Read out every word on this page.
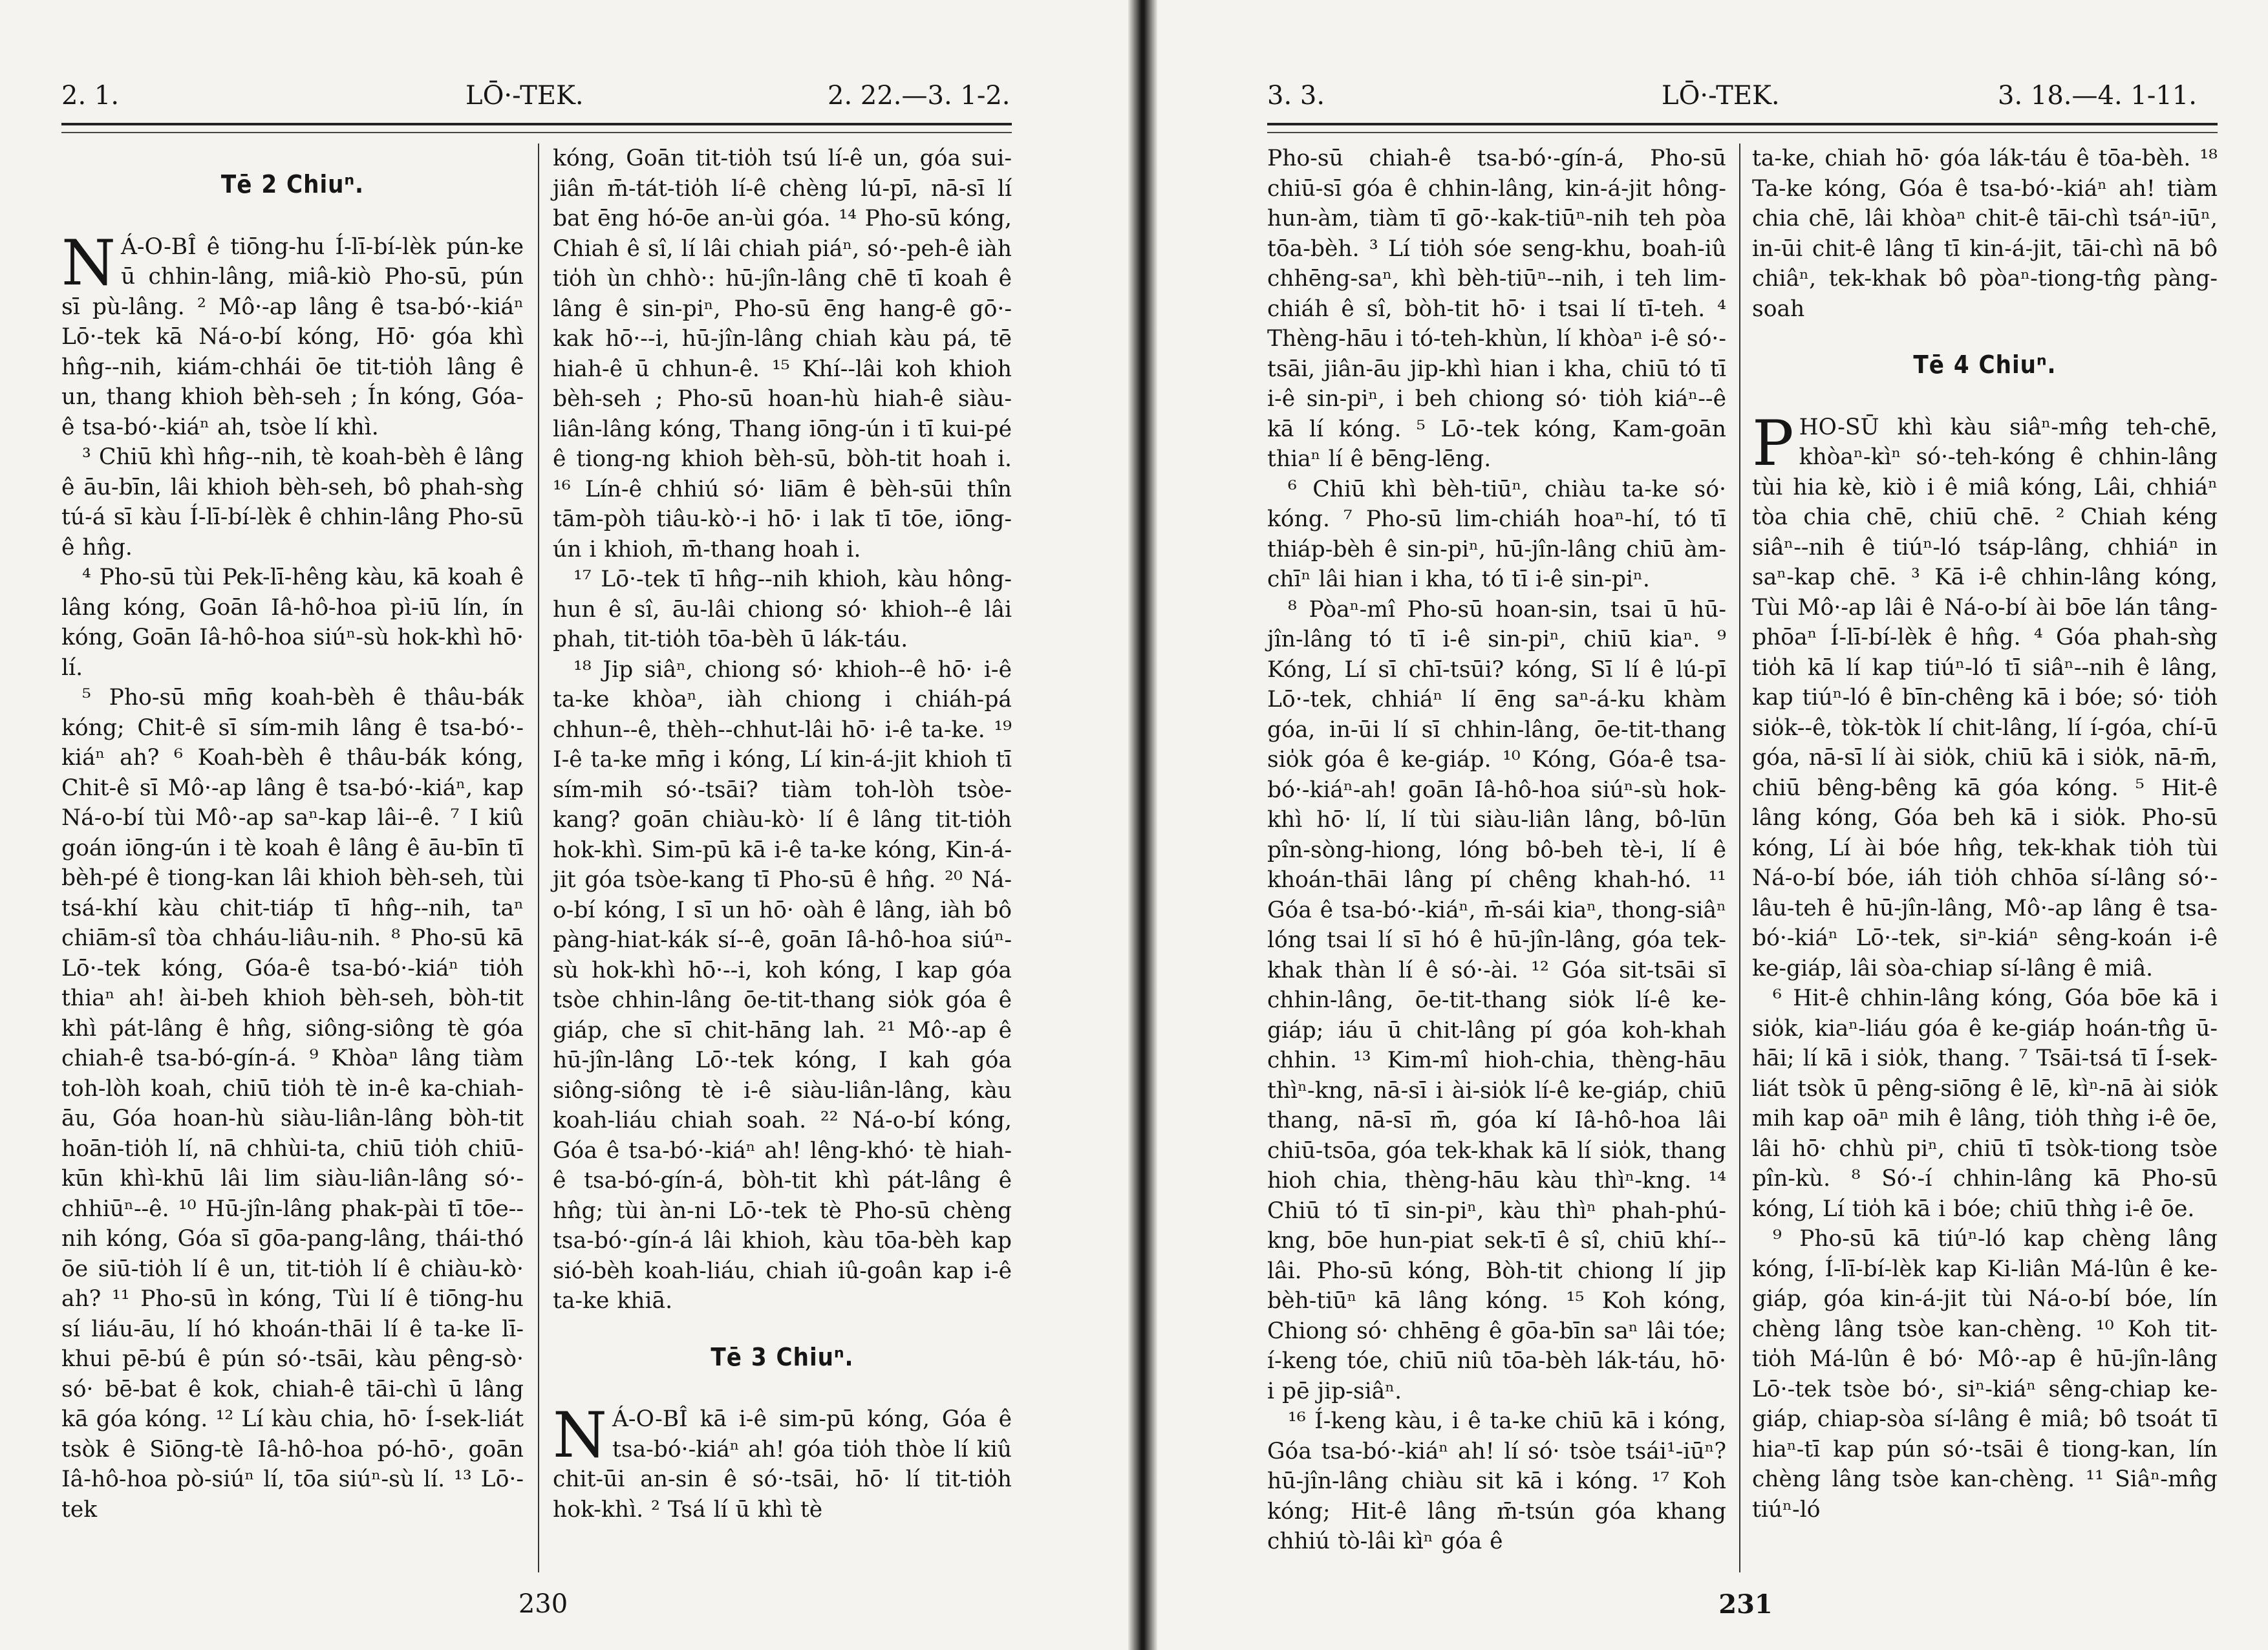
2. 1.	LŌ·-TEK.	2. 22.—3. 1-2.
Tē 2 Chiuⁿ.

N Á-O-BÎ ê tiōng-hu Í-lī-bí-lèk pún-ke ū chhin-lâng, miâ-kiò Pho-sū, pún sī pù-lâng. ² Mô·-ap lâng ê tsa-bó·-kiáⁿ Lō·-tek kā Ná-o-bí kóng, Hō· góa khì hn̂g--nih, kiám-chhái ōe tit-tio̍h lâng ê un, thang khioh bèh-seh ; Ín kóng, Góa-ê tsa-bó·-kiáⁿ ah, tsòe lí khì.

³ Chiū khì hn̂g--nih, tè koah-bèh ê lâng ê āu-bīn, lâi khioh bèh-seh, bô phah-sǹg tú-á sī kàu Í-lī-bí-lèk ê chhin-lâng Pho-sū ê hn̂g.

⁴ Pho-sū tùi Pek-lī-hêng kàu, kā koah ê lâng kóng, Goān Iâ-hô-hoa pì-iū lín, ín kóng, Goān Iâ-hô-hoa siúⁿ-sù hok-khì hō· lí.

⁵ Pho-sū mn̄g koah-bèh ê thâu-bák kóng; Chit-ê sī sím-mih lâng ê tsa-bó·-kiáⁿ ah? ⁶ Koah-bèh ê thâu-bák kóng, Chit-ê sī Mô·-ap lâng ê tsa-bó·-kiáⁿ, kap Ná-o-bí tùi Mô·-ap saⁿ-kap lâi--ê. ⁷ I kiû goán iōng-ún i tè koah ê lâng ê āu-bīn tī bèh-pé ê tiong-kan lâi khioh bèh-seh, tùi tsá-khí kàu chit-tiáp tī hn̂g--nih, taⁿ chiām-sî tòa chháu-liâu-nih. ⁸ Pho-sū kā Lō·-tek kóng, Góa-ê tsa-bó·-kiáⁿ tio̍h thiaⁿ ah! ài-beh khioh bèh-seh, bòh-tit khì pát-lâng ê hn̂g, siông-siông tè góa chiah-ê tsa-bó-gín-á. ⁹ Khòaⁿ lâng tiàm toh-lòh koah, chiū tio̍h tè in-ê ka-chiah-āu, Góa hoan-hù siàu-liân-lâng bòh-tit hoān-tio̍h lí, nā chhùi-ta, chiū tio̍h chiū-kūn khì-khū lâi lim siàu-liân-lâng só·-chhiūⁿ--ê. ¹⁰ Hū-jîn-lâng phak-pài tī tōe--nih kóng, Góa sī gōa-pang-lâng, thái-thó ōe siū-tio̍h lí ê un, tit-tio̍h lí ê chiàu-kò· ah? ¹¹ Pho-sū ìn kóng, Tùi lí ê tiōng-hu sí liáu-āu, lí hó khoán-thāi lí ê ta-ke lī-khui pē-bú ê pún só·-tsāi, kàu pêng-sò· só· bē-bat ê kok, chiah-ê tāi-chì ū lâng kā góa kóng. ¹² Lí kàu chia, hō· Í-sek-liát tsòk ê Siōng-tè Iâ-hô-hoa pó-hō·, goān Iâ-hô-hoa pò-siúⁿ lí, tōa siúⁿ-sù lí. ¹³ Lō·-tek

kóng, Goān tit-tio̍h tsú lí-ê un, góa sui-jiân m̄-tát-tio̍h lí-ê chèng lú-pī, nā-sī lí bat ēng hó-ōe an-ùi góa. ¹⁴ Pho-sū kóng, Chiah ê sî, lí lâi chiah piáⁿ, só·-peh-ê iàh tio̍h ùn chhò·: hū-jîn-lâng chē tī koah ê lâng ê sin-piⁿ, Pho-sū ēng hang-ê gō·-kak hō·--i, hū-jîn-lâng chiah kàu pá, tē hiah-ê ū chhun-ê. ¹⁵ Khí--lâi koh khioh bèh-seh ; Pho-sū hoan-hù hiah-ê siàu-liân-lâng kóng, Thang iōng-ún i tī kui-pé ê tiong-ng khioh bèh-sū, bòh-tit hoah i. ¹⁶ Lín-ê chhiú só· liām ê bèh-sūi thîn tām-pòh tiâu-kò·-i hō· i lak tī tōe, iōng-ún i khioh, m̄-thang hoah i.

¹⁷ Lō·-tek tī hn̂g--nih khioh, kàu hông-hun ê sî, āu-lâi chiong só· khioh--ê lâi phah, tit-tio̍h tōa-bèh ū lák-táu.

¹⁸ Jip siâⁿ, chiong só· khioh--ê hō· i-ê ta-ke khòaⁿ, iàh chiong i chiáh-pá chhun--ê, thèh--chhut-lâi hō· i-ê ta-ke. ¹⁹ I-ê ta-ke mn̄g i kóng, Lí kin-á-jit khioh tī sím-mih só·-tsāi? tiàm toh-lòh tsòe-kang? goān chiàu-kò· lí ê lâng tit-tio̍h hok-khì. Sim-pū kā i-ê ta-ke kóng, Kin-á-jit góa tsòe-kang tī Pho-sū ê hn̂g. ²⁰ Ná-o-bí kóng, I sī un hō· oàh ê lâng, iàh bô pàng-hiat-kák sí--ê, goān Iâ-hô-hoa siúⁿ-sù hok-khì hō·--i, koh kóng, I kap góa tsòe chhin-lâng ōe-tit-thang sio̍k góa ê giáp, che sī chit-hāng lah. ²¹ Mô·-ap ê hū-jîn-lâng Lō·-tek kóng, I kah góa siông-siông tè i-ê siàu-liân-lâng, kàu koah-liáu chiah soah. ²² Ná-o-bí kóng, Góa ê tsa-bó·-kiáⁿ ah! lêng-khó· tè hiah-ê tsa-bó-gín-á, bòh-tit khì pát-lâng ê hn̂g; tùi àn-ni Lō·-tek tè Pho-sū chèng tsa-bó·-gín-á lâi khioh, kàu tōa-bèh kap sió-bèh koah-liáu, chiah iû-goân kap i-ê ta-ke khiā.

Tē 3 Chiuⁿ.

N Á-O-BÎ kā i-ê sim-pū kóng, Góa ê tsa-bó·-kiáⁿ ah! góa tio̍h thòe lí kiû chit-ūi an-sin ê só·-tsāi, hō· lí tit-tio̍h hok-khì. ² Tsá lí ū khì tè

230
3. 3.	LŌ·-TEK.	3. 18.—4. 1-11.

Pho-sū chiah-ê tsa-bó·-gín-á, Pho-sū chiū-sī góa ê chhin-lâng, kin-á-jit hông-hun-àm, tiàm tī gō·-kak-tiūⁿ-nih teh pòa tōa-bèh. ³ Lí tio̍h sóe seng-khu, boah-iû chhēng-saⁿ, khì bèh-tiūⁿ--nih, i teh lim-chiáh ê sî, bòh-tit hō· i tsai lí tī-teh. ⁴ Thèng-hāu i tó-teh-khùn, lí khòaⁿ i-ê só·-tsāi, jiân-āu jip-khì hian i kha, chiū tó tī i-ê sin-piⁿ, i beh chiong só· tio̍h kiáⁿ--ê kā lí kóng. ⁵ Lō·-tek kóng, Kam-goān thiaⁿ lí ê bēng-lēng.

⁶ Chiū khì bèh-tiūⁿ, chiàu ta-ke só· kóng. ⁷ Pho-sū lim-chiáh hoaⁿ-hí, tó tī thiáp-bèh ê sin-piⁿ, hū-jîn-lâng chiū àm-chīⁿ lâi hian i kha, tó tī i-ê sin-piⁿ.

⁸ Pòaⁿ-mî Pho-sū hoan-sin, tsai ū hū-jîn-lâng tó tī i-ê sin-piⁿ, chiū kiaⁿ. ⁹ Kóng, Lí sī chī-tsūi? kóng, Sī lí ê lú-pī Lō·-tek, chhiáⁿ lí ēng saⁿ-á-ku khàm góa, in-ūi lí sī chhin-lâng, ōe-tit-thang sio̍k góa ê ke-giáp. ¹⁰ Kóng, Góa-ê tsa-bó·-kiáⁿ-ah! goān Iâ-hô-hoa siúⁿ-sù hok-khì hō· lí, lí tùi siàu-liân lâng, bô-lūn pîn-sòng-hiong, lóng bô-beh tè-i, lí ê khoán-thāi lâng pí chêng khah-hó. ¹¹ Góa ê tsa-bó·-kiáⁿ, m̄-sái kiaⁿ, thong-siâⁿ lóng tsai lí sī hó ê hū-jîn-lâng, góa tek-khak thàn lí ê só·-ài. ¹² Góa sit-tsāi sī chhin-lâng, ōe-tit-thang sio̍k lí-ê ke-giáp; iáu ū chit-lâng pí góa koh-khah chhin. ¹³ Kim-mî hioh-chia, thèng-hāu thìⁿ-kng, nā-sī i ài-sio̍k lí-ê ke-giáp, chiū thang, nā-sī m̄, góa kí Iâ-hô-hoa lâi chiū-tsōa, góa tek-khak kā lí sio̍k, thang hioh chia, thèng-hāu kàu thìⁿ-kng. ¹⁴ Chiū tó tī sin-piⁿ, kàu thìⁿ phah-phú-kng, bōe hun-piat sek-tī ê sî, chiū khí--lâi. Pho-sū kóng, Bòh-tit chiong lí jip bèh-tiūⁿ kā lâng kóng. ¹⁵ Koh kóng, Chiong só· chhēng ê gōa-bīn saⁿ lâi tóe; í-keng tóe, chiū niû tōa-bèh lák-táu, hō· i pē jip-siâⁿ.

¹⁶ Í-keng kàu, i ê ta-ke chiū kā i kóng, Góa tsa-bó·-kiáⁿ ah! lí só· tsòe tsái¹-iūⁿ? hū-jîn-lâng chiàu sit kā i kóng. ¹⁷ Koh kóng; Hit-ê lâng m̄-tsún góa khang chhiú tò-lâi kìⁿ góa ê

ta-ke, chiah hō· góa lák-táu ê tōa-bèh. ¹⁸ Ta-ke kóng, Góa ê tsa-bó·-kiáⁿ ah! tiàm chia chē, lâi khòaⁿ chit-ê tāi-chì tsáⁿ-iūⁿ, in-ūi chit-ê lâng tī kin-á-jit, tāi-chì nā bô chiâⁿ, tek-khak bô pòaⁿ-tiong-tn̂g pàng-soah

Tē 4 Chiuⁿ.

PHO-SŪ khì kàu siâⁿ-mn̂g teh-chē, khòaⁿ-kìⁿ só·-teh-kóng ê chhin-lâng tùi hia kè, kiò i ê miâ kóng, Lâi, chhiáⁿ tòa chia chē, chiū chē. ² Chiah kéng siâⁿ--nih ê tiúⁿ-ló tsáp-lâng, chhiáⁿ in saⁿ-kap chē. ³ Kā i-ê chhin-lâng kóng, Tùi Mô·-ap lâi ê Ná-o-bí ài bōe lán tâng-phōaⁿ Í-lī-bí-lèk ê hn̂g. ⁴ Góa phah-sǹg tio̍h kā lí kap tiúⁿ-ló tī siâⁿ--nih ê lâng, kap tiúⁿ-ló ê bīn-chêng kā i bóe; só· tio̍h sio̍k--ê, tòk-tòk lí chit-lâng, lí í-góa, chí-ū góa, nā-sī lí ài sio̍k, chiū kā i sio̍k, nā-m̄, chiū bêng-bêng kā góa kóng. ⁵ Hit-ê lâng kóng, Góa beh kā i sio̍k. Pho-sū kóng, Lí ài bóe hn̂g, tek-khak tio̍h tùi Ná-o-bí bóe, iáh tio̍h chhōa sí-lâng só·-lâu-teh ê hū-jîn-lâng, Mô·-ap lâng ê tsa-bó·-kiáⁿ Lō·-tek, siⁿ-kiáⁿ sêng-koán i-ê ke-giáp, lâi sòa-chiap sí-lâng ê miâ.

⁶ Hit-ê chhin-lâng kóng, Góa bōe kā i sio̍k, kiaⁿ-liáu góa ê ke-giáp hoán-tn̂g ū-hāi; lí kā i sio̍k, thang. ⁷ Tsāi-tsá tī Í-sek-liát tsòk ū pêng-siōng ê lē, kìⁿ-nā ài sio̍k mih kap oāⁿ mih ê lâng, tio̍h thǹg i-ê ōe, lâi hō· chhù piⁿ, chiū tī tsòk-tiong tsòe pîn-kù. ⁸ Só·-í chhin-lâng kā Pho-sū kóng, Lí tio̍h kā i bóe; chiū thǹg i-ê ōe.

⁹ Pho-sū kā tiúⁿ-ló kap chèng lâng kóng, Í-lī-bí-lèk kap Ki-liân Má-lûn ê ke-giáp, góa kin-á-jit tùi Ná-o-bí bóe, lín chèng lâng tsòe kan-chèng. ¹⁰ Koh tit-tio̍h Má-lûn ê bó· Mô·-ap ê hū-jîn-lâng Lō·-tek tsòe bó·, siⁿ-kiáⁿ sêng-chiap ke-giáp, chiap-sòa sí-lâng ê miâ; bô tsoát tī hiaⁿ-tī kap pún só·-tsāi ê tiong-kan, lín chèng lâng tsòe kan-chèng. ¹¹ Siâⁿ-mn̂g tiúⁿ-ló

231
